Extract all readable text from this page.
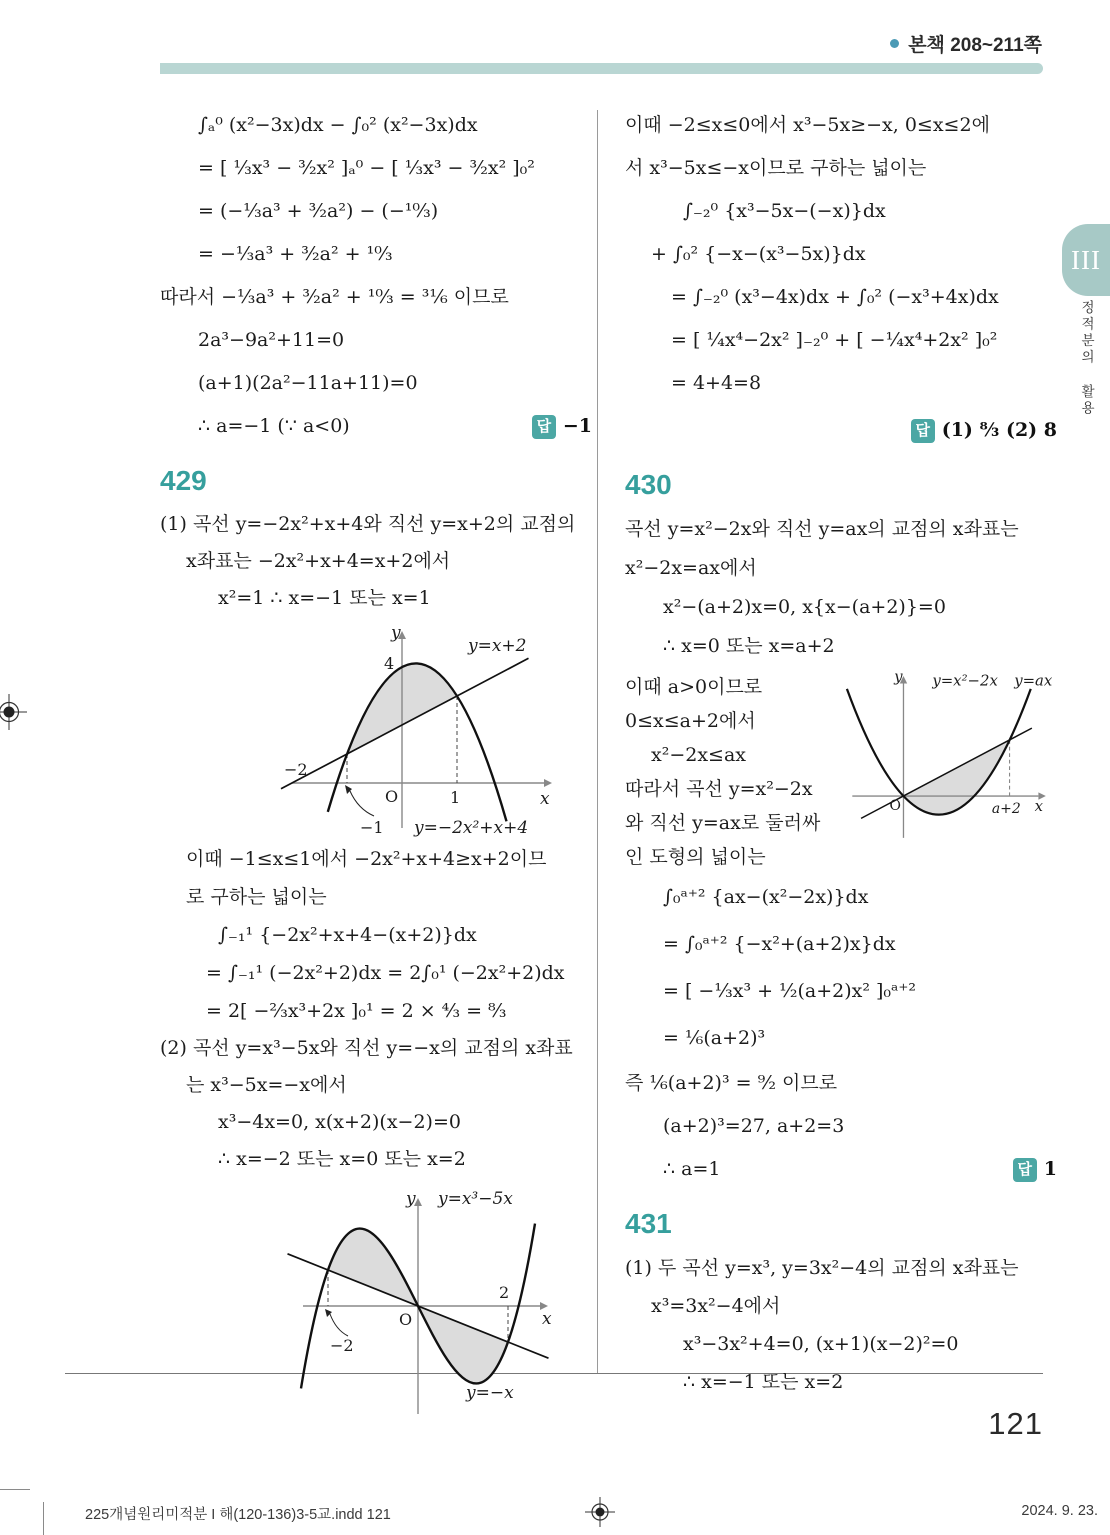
본책 208~211쪽
III
정적분의 활용
∫ₐ⁰ (x²−3x)dx − ∫₀² (x²−3x)dx
= [ ¹⁄₃x³ − ³⁄₂x² ]ₐ⁰ − [ ¹⁄₃x³ − ³⁄₂x² ]₀²
= (−¹⁄₃a³ + ³⁄₂a²) − (−¹⁰⁄₃)
= −¹⁄₃a³ + ³⁄₂a² + ¹⁰⁄₃
따라서 −¹⁄₃a³ + ³⁄₂a² + ¹⁰⁄₃ = ³¹⁄₆ 이므로
2a³−9a²+11=0
(a+1)(2a²−11a+11)=0
∴ a=−1 (∵ a<0)	답 −1
429
(1) 곡선 y=−2x²+x+4와 직선 y=x+2의 교점의
x좌표는 −2x²+x+4=x+2에서
x²=1 ∴ x=−1 또는 x=1
y
y=x+2
4
−2
O	1	x
−1 y=−2x²+x+4
이때 −1≤x≤1에서 −2x²+x+4≥x+2이므
로 구하는 넓이는
∫₋₁¹ {−2x²+x+4−(x+2)}dx
= ∫₋₁¹ (−2x²+2)dx = 2∫₀¹ (−2x²+2)dx
= 2[ −²⁄₃x³+2x ]₀¹ = 2 × ⁴⁄₃ = ⁸⁄₃
(2) 곡선 y=x³−5x와 직선 y=−x의 교점의 x좌표
는 x³−5x=−x에서
x³−4x=0, x(x+2)(x−2)=0
∴ x=−2 또는 x=0 또는 x=2
y y=x³−5x
2
O	x
−2
y=−x
이때 −2≤x≤0에서 x³−5x≥−x, 0≤x≤2에
서 x³−5x≤−x이므로 구하는 넓이는
∫₋₂⁰ {x³−5x−(−x)}dx
+ ∫₀² {−x−(x³−5x)}dx
= ∫₋₂⁰ (x³−4x)dx + ∫₀² (−x³+4x)dx
= [ ¹⁄₄x⁴−2x² ]₋₂⁰ + [ −¹⁄₄x⁴+2x² ]₀²
= 4+4=8
답 (1) ⁸⁄₃ (2) 8
430
곡선 y=x²−2x와 직선 y=ax의 교점의 x좌표는
x²−2x=ax에서
x²−(a+2)x=0, x{x−(a+2)}=0
∴ x=0 또는 x=a+2
이때 a>0이므로
0≤x≤a+2에서
x²−2x≤ax
따라서 곡선 y=x²−2x
와 직선 y=ax로 둘러싸
인 도형의 넓이는
y y=x²−2x y=ax
O	a+2 x
∫₀ᵃ⁺² {ax−(x²−2x)}dx
= ∫₀ᵃ⁺² {−x²+(a+2)x}dx
= [ −¹⁄₃x³ + ¹⁄₂(a+2)x² ]₀ᵃ⁺²
= ¹⁄₆(a+2)³
즉 ¹⁄₆(a+2)³ = ⁹⁄₂ 이므로
(a+2)³=27, a+2=3
∴ a=1	답 1
431
(1) 두 곡선 y=x³, y=3x²−4의 교점의 x좌표는
x³=3x²−4에서
x³−3x²+4=0, (x+1)(x−2)²=0
∴ x=−1 또는 x=2
121
225개념원리미적분 I 해(120-136)3-5교.indd 121	2024. 9. 23.
